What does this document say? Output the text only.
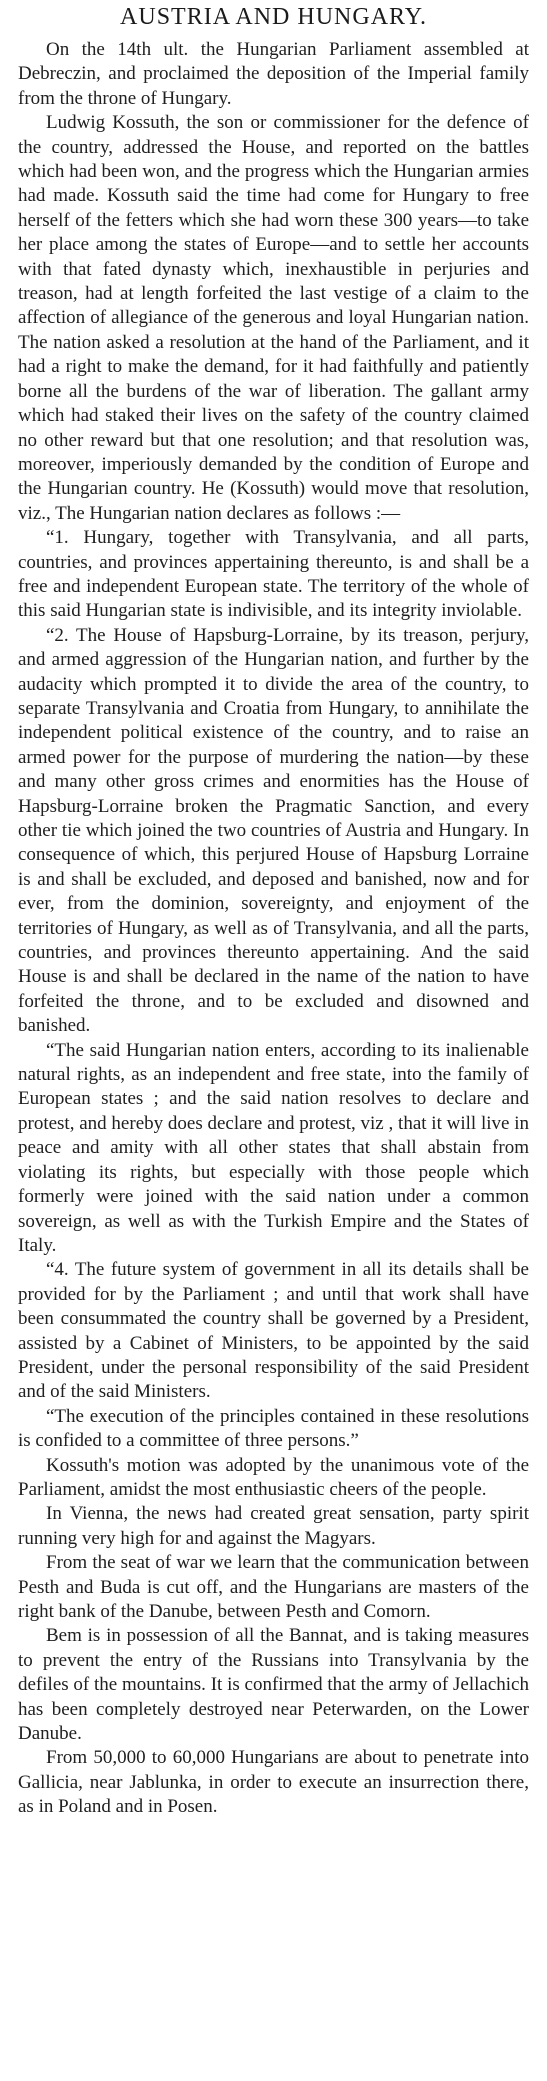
AUSTRIA AND HUNGARY.

On the 14th ult. the Hungarian Parliament assembled at Debreczin, and proclaimed the deposition of the Imperial family from the throne of Hungary.

Ludwig Kossuth, the son or commissioner for the defence of the country, addressed the House, and reported on the battles which had been won, and the progress which the Hungarian armies had made. Kossuth said the time had come for Hungary to free herself of the fetters which she had worn these 300 years—to take her place among the states of Europe—and to settle her accounts with that fated dynasty which, inexhaustible in perjuries and treason, had at length forfeited the last vestige of a claim to the affection of allegiance of the generous and loyal Hungarian nation. The nation asked a resolution at the hand of the Parliament, and it had a right to make the demand, for it had faithfully and patiently borne all the burdens of the war of liberation. The gallant army which had staked their lives on the safety of the country claimed no other reward but that one resolution; and that resolution was, moreover, imperiously demanded by the condition of Europe and the Hungarian country. He (Kossuth) would move that resolution, viz., The Hungarian nation declares as follows :—

“1. Hungary, together with Transylvania, and all parts, countries, and provinces appertaining thereunto, is and shall be a free and independent European state. The territory of the whole of this said Hungarian state is indivisible, and its integrity inviolable.

“2. The House of Hapsburg-Lorraine, by its treason, perjury, and armed aggression of the Hungarian nation, and further by the audacity which prompted it to divide the area of the country, to separate Transylvania and Croatia from Hungary, to annihilate the independent political existence of the country, and to raise an armed power for the purpose of murdering the nation—by these and many other gross crimes and enormities has the House of Hapsburg-Lorraine broken the Pragmatic Sanction, and every other tie which joined the two countries of Austria and Hungary. In consequence of which, this perjured House of Hapsburg Lorraine is and shall be excluded, and deposed and banished, now and for ever, from the dominion, sovereignty, and enjoyment of the territories of Hungary, as well as of Transylvania, and all the parts, countries, and provinces thereunto appertaining. And the said House is and shall be declared in the name of the nation to have forfeited the throne, and to be excluded and disowned and banished.

“The said Hungarian nation enters, according to its inalienable natural rights, as an independent and free state, into the family of European states ; and the said nation resolves to declare and protest, and hereby does declare and protest, viz , that it will live in peace and amity with all other states that shall abstain from violating its rights, but especially with those people which formerly were joined with the said nation under a common sovereign, as well as with the Turkish Empire and the States of Italy.

“4. The future system of government in all its details shall be provided for by the Parliament ; and until that work shall have been consummated the country shall be governed by a President, assisted by a Cabinet of Ministers, to be appointed by the said President, under the personal responsibility of the said President and of the said Ministers.

“The execution of the principles contained in these resolutions is confided to a committee of three persons.”

Kossuth's motion was adopted by the unanimous vote of the Parliament, amidst the most enthusiastic cheers of the people.

In Vienna, the news had created great sensation, party spirit running very high for and against the Magyars.

From the seat of war we learn that the communication between Pesth and Buda is cut off, and the Hungarians are masters of the right bank of the Danube, between Pesth and Comorn.

Bem is in possession of all the Bannat, and is taking measures to prevent the entry of the Russians into Transylvania by the defiles of the mountains. It is confirmed that the army of Jellachich has been completely destroyed near Peterwarden, on the Lower Danube.

From 50,000 to 60,000 Hungarians are about to penetrate into Gallicia, near Jablunka, in order to execute an insurrection there, as in Poland and in Posen.
